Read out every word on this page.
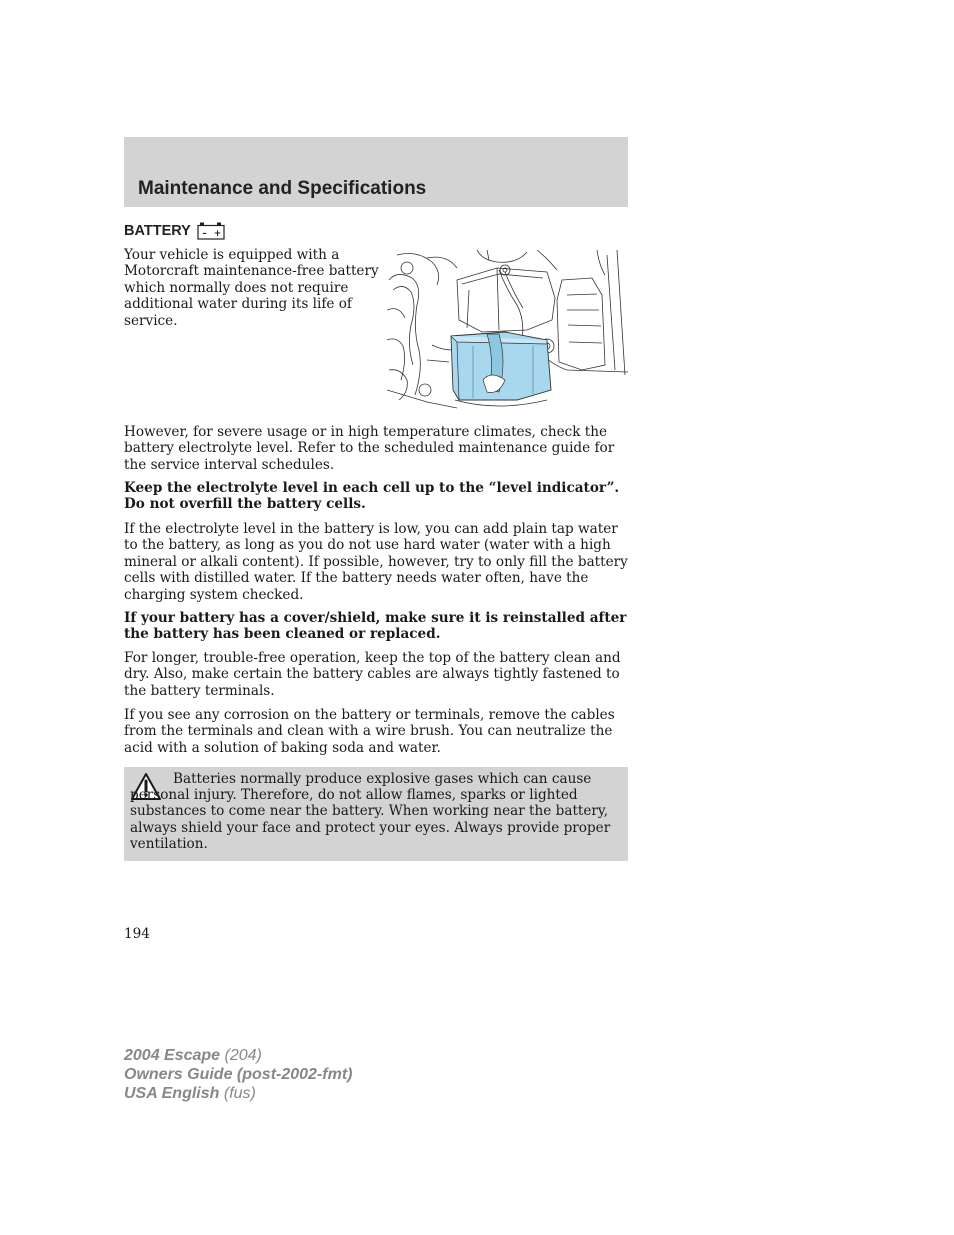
Maintenance and Specifications
BATTERY – +

Your vehicle is equipped with a Motorcraft maintenance-free battery which normally does not require additional water during its life of service.

However, for severe usage or in high temperature climates, check the battery electrolyte level. Refer to the scheduled maintenance guide for the service interval schedules.

Keep the electrolyte level in each cell up to the “level indicator”. Do not overfill the battery cells.

If the electrolyte level in the battery is low, you can add plain tap water to the battery, as long as you do not use hard water (water with a high mineral or alkali content). If possible, however, try to only fill the battery cells with distilled water. If the battery needs water often, have the charging system checked.

If your battery has a cover/shield, make sure it is reinstalled after the battery has been cleaned or replaced.

For longer, trouble-free operation, keep the top of the battery clean and dry. Also, make certain the battery cables are always tightly fastened to the battery terminals.

If you see any corrosion on the battery or terminals, remove the cables from the terminals and clean with a wire brush. You can neutralize the acid with a solution of baking soda and water.

Batteries normally produce explosive gases which can cause personal injury. Therefore, do not allow flames, sparks or lighted substances to come near the battery. When working near the battery, always shield your face and protect your eyes. Always provide proper ventilation.

194

2004 Escape (204)
Owners Guide (post-2002-fmt)
USA English (fus)
